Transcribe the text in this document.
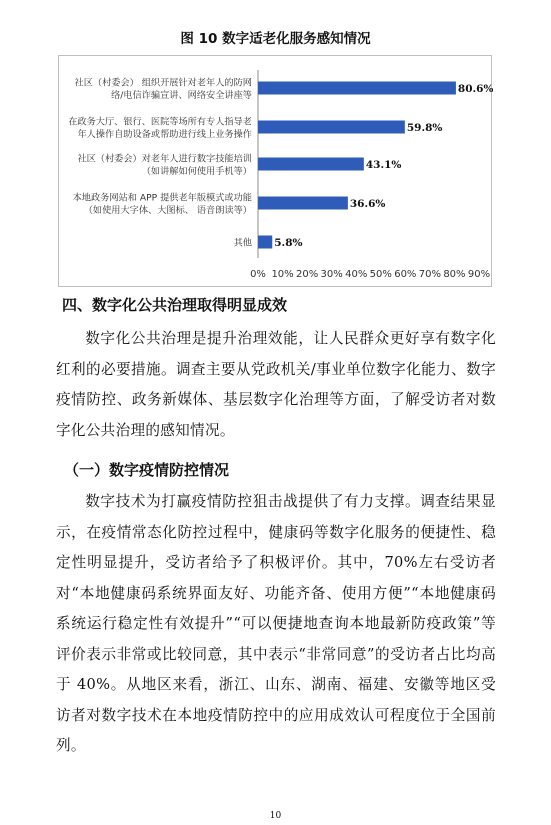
图 10 数字适老化服务感知情况
80.6%
社区（村委会） 组织开展针对老年人的防网
络/电信诈骗宣讲、网络安全讲座等
59.8%
在政务大厅、银行、医院等场所有专人指导老
年人操作自助设备或帮助进行线上业务操作
43.1%
社区（村委会）对老年人进行数字技能培训
（如讲解如何使用手机等）
36.6%
本地政务网站和 APP 提供老年版模式或功能
（如使用大字体、大图标、 语音朗读等）
5.8%
其他
0% 10% 20% 30% 40% 50% 60% 70% 80% 90%
四、数字化公共治理取得明显成效

数字化公共治理是提升治理效能，让人民群众更好享有数字化红利的必要措施。调查主要从党政机关/事业单位数字化能力、数字疫情防控、政务新媒体、基层数字化治理等方面，了解受访者对数字化公共治理的感知情况。

（一）数字疫情防控情况

数字技术为打赢疫情防控狙击战提供了有力支撑。调查结果显示，在疫情常态化防控过程中，健康码等数字化服务的便捷性、稳定性明显提升，受访者给予了积极评价。其中，70%左右受访者对“本地健康码系统界面友好、功能齐备、使用方便”“本地健康码系统运行稳定性有效提升”“可以便捷地查询本地最新防疫政策”等评价表示非常或比较同意，其中表示“非常同意”的受访者占比均高于 40%。从地区来看，浙江、山东、湖南、福建、安徽等地区受访者对数字技术在本地疫情防控中的应用成效认可程度位于全国前列。

10
